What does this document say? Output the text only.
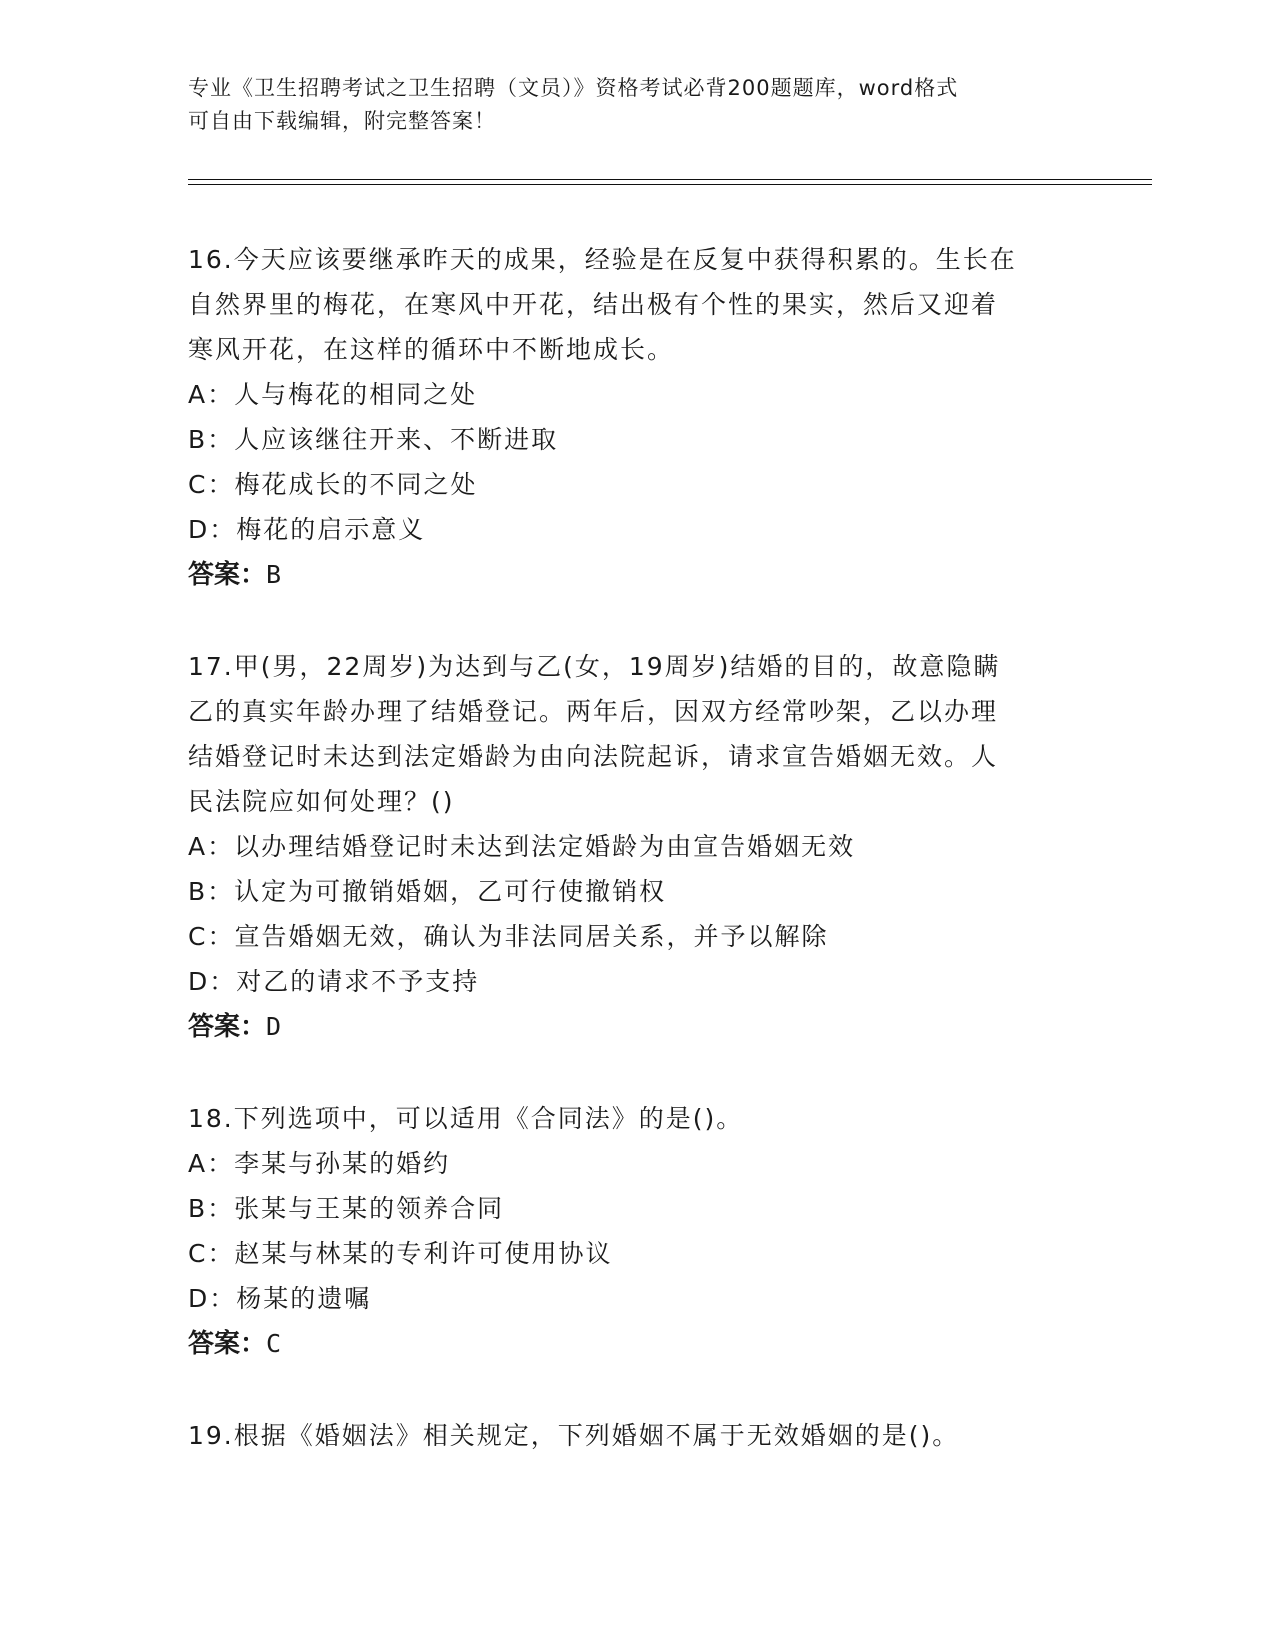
专业《卫生招聘考试之卫生招聘（文员）》资格考试必背200题题库，word格式
可自由下载编辑，附完整答案！
16.今天应该要继承昨天的成果，经验是在反复中获得积累的。生长在
自然界里的梅花，在寒风中开花，结出极有个性的果实，然后又迎着
寒风开花，在这样的循环中不断地成长。
A：人与梅花的相同之处
B：人应该继往开来、不断进取
C：梅花成长的不同之处
D：梅花的启示意义
答案：B
17.甲(男，22周岁)为达到与乙(女，19周岁)结婚的目的，故意隐瞒
乙的真实年龄办理了结婚登记。两年后，因双方经常吵架，乙以办理
结婚登记时未达到法定婚龄为由向法院起诉，请求宣告婚姻无效。人
民法院应如何处理？()
A：以办理结婚登记时未达到法定婚龄为由宣告婚姻无效
B：认定为可撤销婚姻，乙可行使撤销权
C：宣告婚姻无效，确认为非法同居关系，并予以解除
D：对乙的请求不予支持
答案：D
18.下列选项中，可以适用《合同法》的是()。
A：李某与孙某的婚约
B：张某与王某的领养合同
C：赵某与林某的专利许可使用协议
D：杨某的遗嘱
答案：C
19.根据《婚姻法》相关规定，下列婚姻不属于无效婚姻的是()。
